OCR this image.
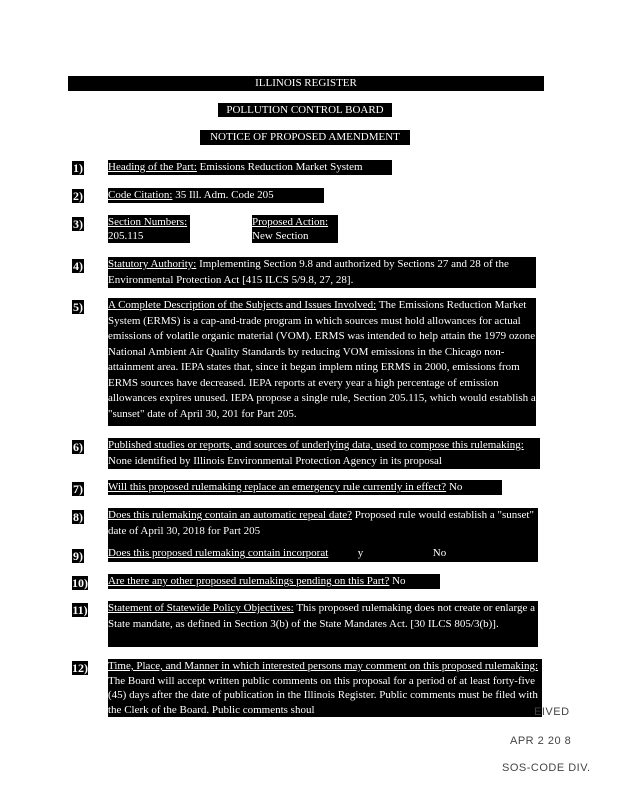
ILLINOIS REGISTER
POLLUTION CONTROL BOARD
NOTICE OF PROPOSED AMENDMENT
1) Heading of the Part: Emissions Reduction Market System
2) Code Citation: 35 Ill. Adm. Code 205
3) Section Numbers:
205.115
Proposed Action:
New Section
4) Statutory Authority: Implementing Section 9.8 and authorized by Sections 27 and 28 of the Environmental Protection Act [415 ILCS 5/9.8, 27, 28].
5) A Complete Description of the Subjects and Issues Involved: The Emissions Reduction Market System (ERMS) is a cap-and-trade program in which sources must hold allowances for actual emissions of volatile organic material (VOM). ERMS was intended to help attain the 1979 ozone National Ambient Air Quality Standards by reducing VOM emissions in the Chicago non-attainment area. IEPA states that, since it began implem nting ERMS in 2000, emissions from ERMS sources have decreased. IEPA reports at every year a high percentage of emission allowances expires unused. IEPA propose a single rule, Section 205.115, which would establish a "sunset" date of April 30, 201 for Part 205.
6) Published studies or reports, and sources of underlying data, used to compose this rulemaking: None identified by Illinois Environmental Protection Agency in its proposal
7) Will this proposed rulemaking replace an emergency rule currently in effect? No
8) Does this rulemaking contain an automatic repeal date? Proposed rule would establish a "sunset" date of April 30, 2018 for Part 205
9) Does this proposed rulemaking contain incorporat	y	No
10) Are there any other proposed rulemakings pending on this Part? No
11) Statement of Statewide Policy Objectives: This proposed rulemaking does not create or enlarge a State mandate, as defined in Section 3(b) of the State Mandates Act. [30 ILCS 805/3(b)].
12) Time, Place, and Manner in which interested persons may comment on this proposed rulemaking: The Board will accept written public comments on this proposal for a period of at least forty-five (45) days after the date of publication in the Illinois Register. Public comments must be filed with the Clerk of the Board. Public comments shoul	EIVED
APR 2 20 8
SOS-CODE DIV.
